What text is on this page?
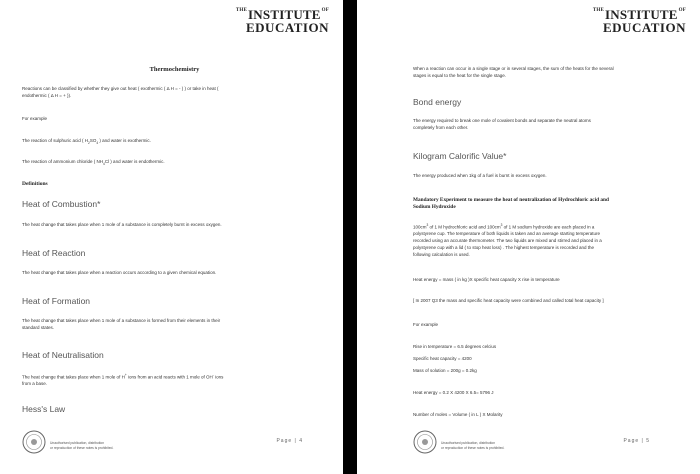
$^{THE}INSTITUTE^{OF}$
EDUCATION
Thermochemistry
Reactions can be classified by whether they give out heat ( exothermic ( Δ H = - ) ) or take in heat (
endothermic ( Δ H = + )).
For example
The reaction of sulphuric acid ( $H_2SO_4$ ) and water is exothermic.
The reaction of ammonium chloride ( $NH_4Cl$ ) and water is endothermic.
Definitions
Heat of Combustion*
The heat change that takes place when 1 mole of a substance is completely burnt in excess oxygen.
Heat of Reaction
The heat change that takes place when a reaction occurs according to a given chemical equation.
Heat of Formation
The heat change that takes place when 1 mole of a substance is formed from their elements in their
standard states.
Heat of Neutralisation
The heat change that takes place when 1 mole of H+ ions from an acid reacts with 1 mole of OH- ions
from a base.
Hess's Law
Unauthorised publication, distribution
or reproduction of these notes is prohibited.
Page | 4
$^{THE}INSTITUTE^{OF}$
EDUCATION
When a reaction can occur in a single stage or in several stages, the sum of the heats for the several
stages is equal to the heat for the single stage.
Bond energy
The energy required to break one mole of covalent bonds and separate the neutral atoms
completely from each other.
Kilogram Calorific Value*
The energy produced when 1kg of a fuel is burnt in excess oxygen.
Mandatory Experiment to measure the heat of neutralization of Hydrochloric acid and
Sodium Hydroxide
$100cm^3$ of 1 M hydrochloric acid and $100cm^3$ of 1 M sodium hydroxide are each placed in a
polystyrene cup. The temperature of both liquids is taken and an average starting temperature
recorded using an accurate thermometer. The two liquids are mixed and stirred and placed in a
polystyrene cup with a lid ( to stop heat loss) . The highest temperature is recorded and the
following calculation is used.
Heat energy = mass ( in kg )X specific heat capacity X rise in temperature
[ In 2007 Q3 the mass and specific heat capacity were combined and called total heat capacity ]
For example
Rise in temperature = 6.5 degrees celcius
Specific heat capacity = 4200
Mass of solution = 200g = 0.2kg
Heat energy = 0.2 X 4200 X 6.5= 5796 J
Number of moles = Volume ( in L ) X Molarity
Unauthorised publication, distribution
or reproduction of these notes is prohibited.
Page | 5
